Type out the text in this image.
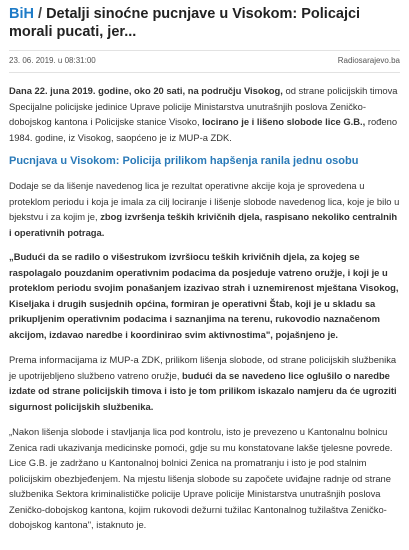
BiH / Detalji sinoćne pucnjave u Visokom: Policajci morali pucati, jer...
23. 06. 2019. u 08:31:00	Radiosarajevo.ba

Dana 22. juna 2019. godine, oko 20 sati, na području Visokog, od strane policijskih timova Specijalne policijske jedinice Uprave policije Ministarstva unutrašnjih poslova Zeničko-dobojskog kantona i Policijske stanice Visoko, locirano je i lišeno slobode lice G.B., rođeno 1984. godine, iz Visokog, saopćeno je iz MUP-a ZDK.

Pucnjava u Visokom: Policija prilikom hapšenja ranila jednu osobu

Dodaje se da lišenje navedenog lica je rezultat operativne akcije koja je sprovedena u proteklom periodu i koja je imala za cilj lociranje i lišenje slobode navedenog lica, koje je bilo u bjekstvu i za kojim je, zbog izvršenja teških krivičnih djela, raspisano nekoliko centralnih i operativnih potraga.

„Budući da se radilo o višestrukom izvršiocu teških krivičnih djela, za kojeg se raspolagalo pouzdanim operativnim podacima da posjeduje vatreno oružje, i koji je u proteklom periodu svojim ponašanjem izazivao strah i uznemirenost mještana Visokog, Kiseljaka i drugih susjednih općina, formiran je operativni Štab, koji je u skladu sa prikupljenim operativnim podacima i saznanjima na terenu, rukovodio naznačenom akcijom, izdavao naredbe i koordinirao svim aktivnostima", pojašnjeno je.

Prema informacijama iz MUP-a ZDK, prilikom lišenja slobode, od strane policijskih službenika je upotrijebljeno službeno vatreno oružje, budući da se navedeno lice oglušilo o naredbe izdate od strane policijskih timova i isto je tom prilikom iskazalo namjeru da će ugroziti sigurnost policijskih službenika.

„Nakon lišenja slobode i stavljanja lica pod kontrolu, isto je prevezeno u Kantonalnu bolnicu Zenica radi ukazivanja medicinske pomoći, gdje su mu konstatovane lakše tjelesne povrede. Lice G.B. je zadržano u Kantonalnoj bolnici Zenica na promatranju i isto je pod stalnim policijskim obezbjeđenjem. Na mjestu lišenja slobode su započete uviđajne radnje od strane službenika Sektora kriminalističke policije Uprave policije Ministarstva unutrašnjih poslova Zeničko-dobojskog kantona, kojim rukovodi dežurni tužilac Kantonalnog tužilaštva Zeničko-dobojskog kantona", istaknuto je.
